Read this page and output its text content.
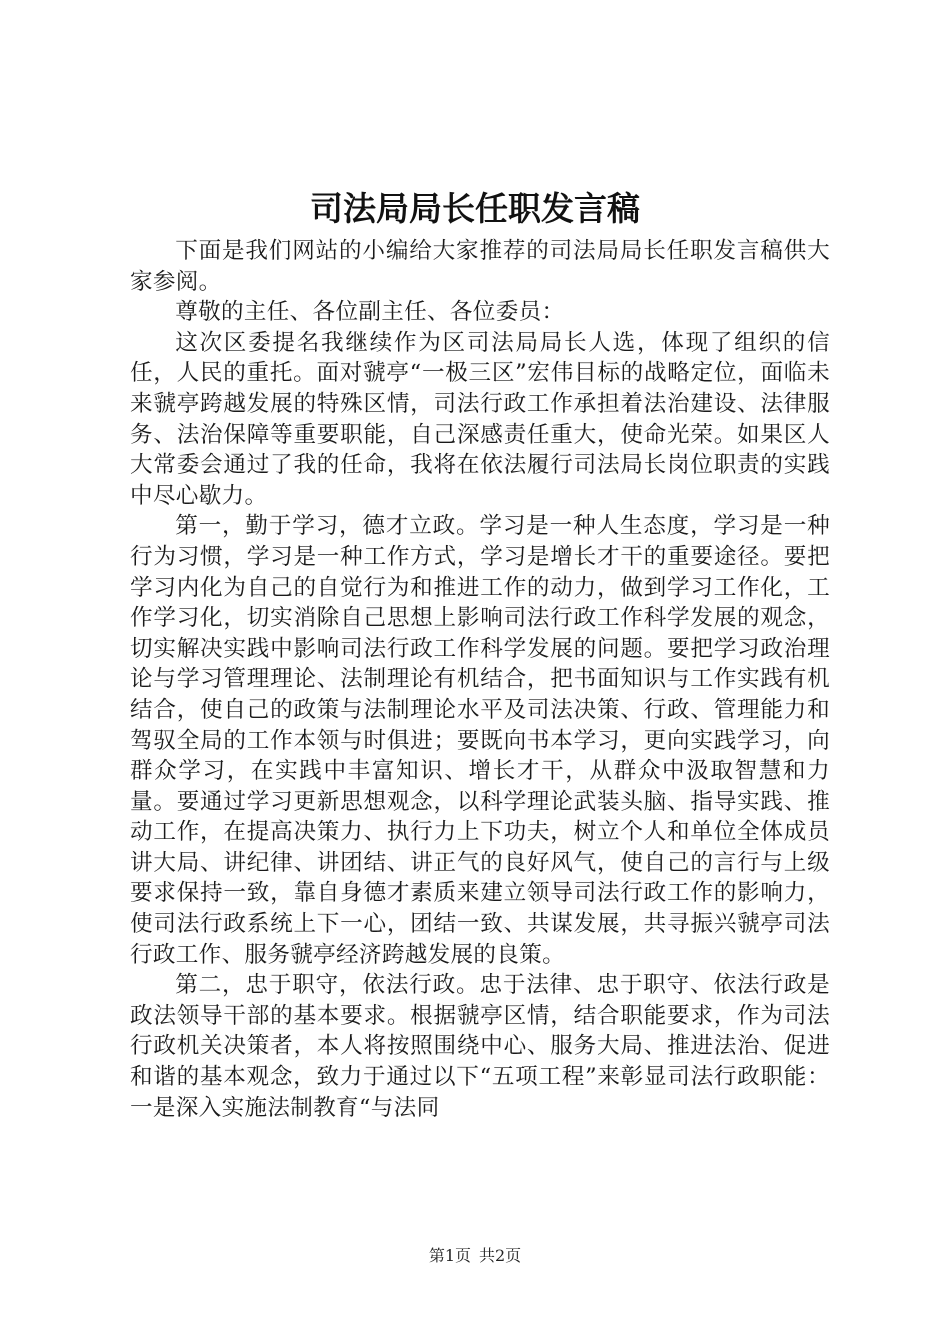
司法局局长任职发言稿

下面是我们网站的小编给大家推荐的司法局局长任职发言稿供大家参阅。

尊敬的主任、各位副主任、各位委员：

这次区委提名我继续作为区司法局局长人选，体现了组织的信任，人民的重托。面对虢亭“一极三区”宏伟目标的战略定位，面临未来虢亭跨越发展的特殊区情，司法行政工作承担着法治建设、法律服务、法治保障等重要职能，自己深感责任重大，使命光荣。如果区人大常委会通过了我的任命，我将在依法履行司法局长岗位职责的实践中尽心歇力。

第一，勤于学习，德才立政。学习是一种人生态度，学习是一种行为习惯，学习是一种工作方式，学习是增长才干的重要途径。要把学习内化为自己的自觉行为和推进工作的动力，做到学习工作化，工作学习化，切实消除自己思想上影响司法行政工作科学发展的观念，切实解决实践中影响司法行政工作科学发展的问题。要把学习政治理论与学习管理理论、法制理论有机结合，把书面知识与工作实践有机结合，使自己的政策与法制理论水平及司法决策、行政、管理能力和驾驭全局的工作本领与时俱进；要既向书本学习，更向实践学习，向群众学习，在实践中丰富知识、增长才干，从群众中汲取智慧和力量。要通过学习更新思想观念，以科学理论武装头脑、指导实践、推动工作，在提高决策力、执行力上下功夫，树立个人和单位全体成员讲大局、讲纪律、讲团结、讲正气的良好风气，使自己的言行与上级要求保持一致，靠自身德才素质来建立领导司法行政工作的影响力，使司法行政系统上下一心，团结一致、共谋发展，共寻振兴虢亭司法行政工作、服务虢亭经济跨越发展的良策。

第二，忠于职守，依法行政。忠于法律、忠于职守、依法行政是政法领导干部的基本要求。根据虢亭区情，结合职能要求，作为司法行政机关决策者，本人将按照围绕中心、服务大局、推进法治、促进和谐的基本观念，致力于通过以下“五项工程”来彰显司法行政职能：一是深入实施法制教育“与法同

第1页 共2页
